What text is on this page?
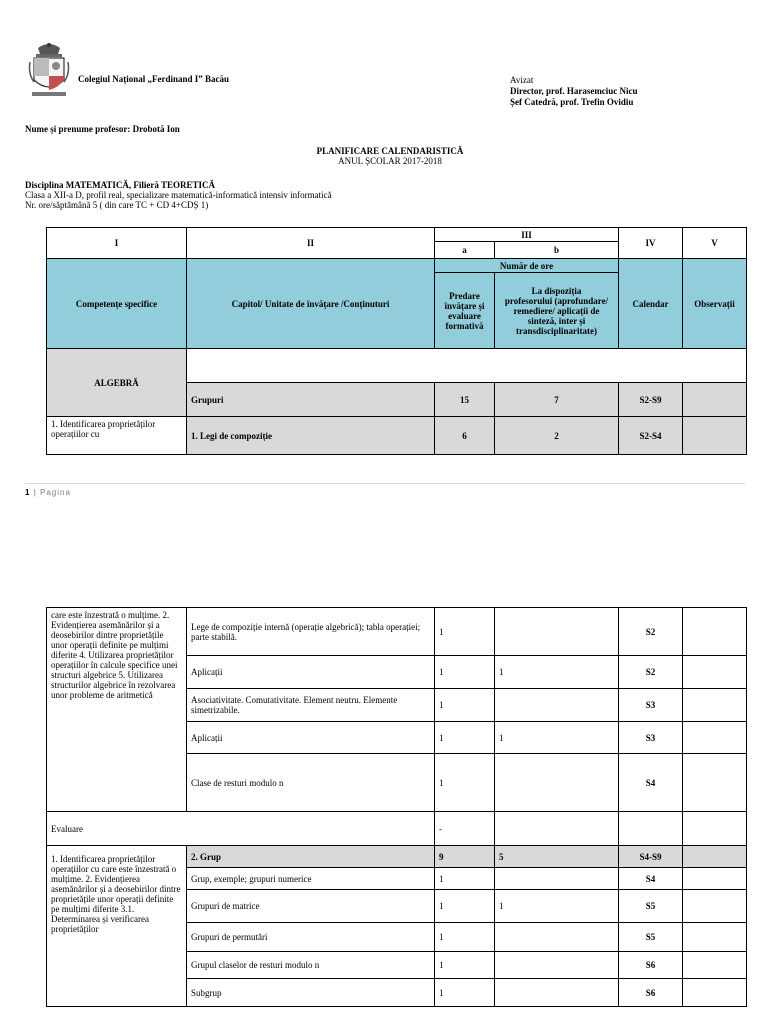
Colegiul Național „Ferdinand I” Bacău	Avizat
Director, prof. Harasemciuc Nicu
Șef Catedră, prof. Trefin Ovidiu
Nume și prenume profesor: Drobotă Ion
PLANIFICARE CALENDARISTICĂ
ANUL ȘCOLAR 2017-2018
Disciplina MATEMATICĂ, Filieră TEORETICĂ
Clasa a XII-a D, profil real, specializare matematică-informatică intensiv informatică
Nr. ore/săptămână 5 ( din care TC + CD 4+CDȘ 1)
I	II	III		IV	V
		a	b		
Competențe specifice	Capitol/ Unitate de învățare /Conținuturi	Număr de ore		Calendar	Observații
		Predare învățare și evaluare formativă	La dispoziția
profesorului (aprofundare/ remediere/ aplicații de sinteză, inter și transdisciplinaritate)		

ALGEBRĂ					
	Grupuri	15	7	S2-S9	
1. Identificarea proprietăților operațiilor cu	1. Legi de compoziție	6	2	S2-S4	
1 | Pagina
care este înzestrată o mulțime. 2. Evidențierea asemănărilor și a deosebirilor dintre proprietățile unor operații definite pe mulțimi diferite 4. Utilizarea proprietăților operațiilor în calcule specifice unei structuri algebrice 5. Utilizarea structurilor algebrice în rezolvarea unor probleme de aritmetică	Lege de compoziție internă (operație algebrică); tabla operației; parte stabilă.	1		S2	
	Aplicații	1	1	S2	
	Asociativitate. Comutativitate. Element neutru. Elemente simetrizabile.	1		S3	
	Aplicații	1	1	S3	
	Clase de resturi modulo n	1		S4	
Evaluare		-			
1. Identificarea proprietăților operațiilor cu care este înzestrată o mulțime. 2. Evidențierea asemănărilor și a deosebirilor dintre proprietățile unor operații definite pe mulțimi diferite 3.1. Determinarea și verificarea proprietăților	2. Grup	9	5	S4-S9	
	Grup, exemple; grupuri numerice	1		S4	
	Grupuri de matrice	1	1	S5	
	Grupuri de permutări	1		S5	
	Grupul claselor de resturi modulo n	1		S6	
	Subgrup	1		S6	
